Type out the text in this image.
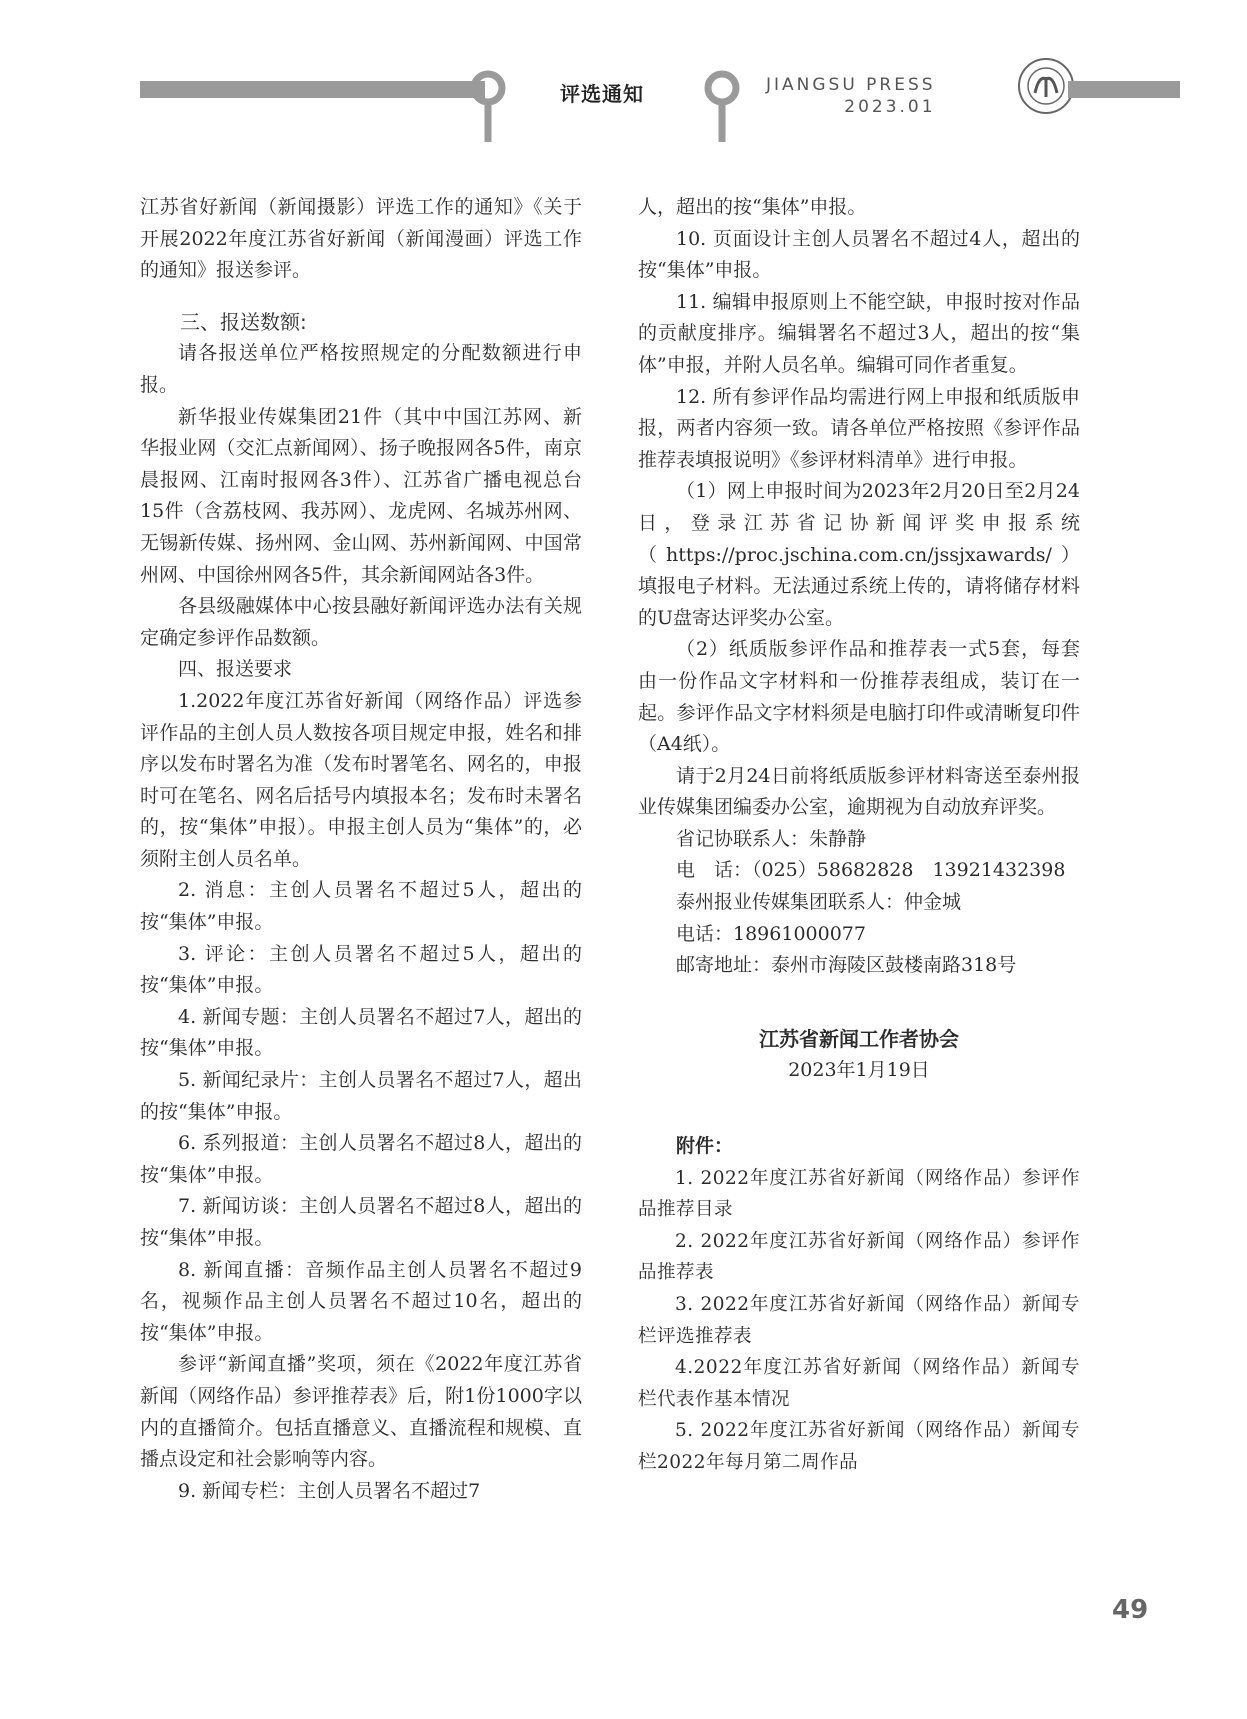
评选通知	JIANGSU PRESS
2023.01

江苏省好新闻（新闻摄影）评选工作的通知》《关于开展2022年度江苏省好新闻（新闻漫画）评选工作的通知》报送参评。

三、报送数额:

请各报送单位严格按照规定的分配数额进行申报。

新华报业传媒集团21件（其中中国江苏网、新华报业网（交汇点新闻网）、扬子晚报网各5件，南京晨报网、江南时报网各3件）、江苏省广播电视总台15件（含荔枝网、我苏网）、龙虎网、名城苏州网、无锡新传媒、扬州网、金山网、苏州新闻网、中国常州网、中国徐州网各5件，其余新闻网站各3件。

各县级融媒体中心按县融好新闻评选办法有关规定确定参评作品数额。

四、报送要求

1.2022年度江苏省好新闻（网络作品）评选参评作品的主创人员人数按各项目规定申报，姓名和排序以发布时署名为准（发布时署笔名、网名的，申报时可在笔名、网名后括号内填报本名；发布时未署名的，按“集体”申报）。申报主创人员为“集体”的，必须附主创人员名单。

2. 消息：主创人员署名不超过5人，超出的按“集体”申报。

3. 评论：主创人员署名不超过5人，超出的按“集体”申报。

4. 新闻专题：主创人员署名不超过7人，超出的按“集体”申报。

5. 新闻纪录片：主创人员署名不超过7人，超出的按“集体”申报。

6. 系列报道：主创人员署名不超过8人，超出的按“集体”申报。

7. 新闻访谈：主创人员署名不超过8人，超出的按“集体”申报。

8. 新闻直播：音频作品主创人员署名不超过9名，视频作品主创人员署名不超过10名，超出的按“集体”申报。

参评“新闻直播”奖项，须在《2022年度江苏省新闻（网络作品）参评推荐表》后，附1份1000字以内的直播简介。包括直播意义、直播流程和规模、直播点设定和社会影响等内容。

9. 新闻专栏：主创人员署名不超过7

人，超出的按“集体”申报。

10. 页面设计主创人员署名不超过4人，超出的按“集体”申报。

11. 编辑申报原则上不能空缺，申报时按对作品的贡献度排序。编辑署名不超过3人，超出的按“集体”申报，并附人员名单。编辑可同作者重复。

12. 所有参评作品均需进行网上申报和纸质版申报，两者内容须一致。请各单位严格按照《参评作品推荐表填报说明》《参评材料清单》进行申报。

（1）网上申报时间为2023年2月20日至2月24日，登录江苏省记协新闻评奖申报系统（https://proc.jschina.com.cn/jssjxawards/）填报电子材料。无法通过系统上传的，请将储存材料的U盘寄达评奖办公室。

（2）纸质版参评作品和推荐表一式5套，每套由一份作品文字材料和一份推荐表组成，装订在一起。参评作品文字材料须是电脑打印件或清晰复印件（A4纸）。

请于2月24日前将纸质版参评材料寄送至泰州报业传媒集团编委办公室，逾期视为自动放弃评奖。

省记协联系人：朱静静

电　话：（025）58682828　13921432398

泰州报业传媒集团联系人：仲金城

电话：18961000077

邮寄地址：泰州市海陵区鼓楼南路318号

江苏省新闻工作者协会

2023年1月19日

附件：

1. 2022年度江苏省好新闻（网络作品）参评作品推荐目录

2. 2022年度江苏省好新闻（网络作品）参评作品推荐表

3. 2022年度江苏省好新闻（网络作品）新闻专栏评选推荐表

4.2022年度江苏省好新闻（网络作品）新闻专栏代表作基本情况

5. 2022年度江苏省好新闻（网络作品）新闻专栏2022年每月第二周作品

49
